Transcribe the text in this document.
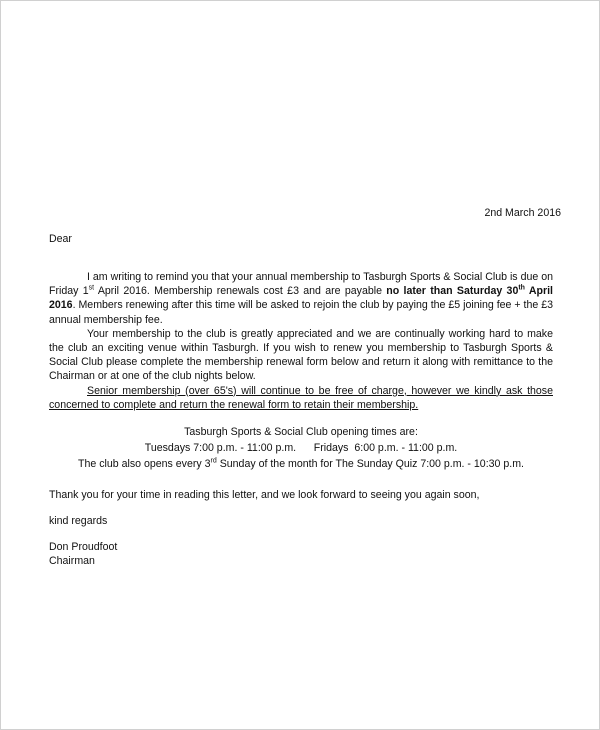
2nd March 2016
Dear

I am writing to remind you that your annual membership to Tasburgh Sports & Social Club is due on Friday 1st April 2016. Membership renewals cost £3 and are payable no later than Saturday 30th April 2016. Members renewing after this time will be asked to rejoin the club by paying the £5 joining fee + the £3 annual membership fee.

Your membership to the club is greatly appreciated and we are continually working hard to make the club an exciting venue within Tasburgh. If you wish to renew you membership to Tasburgh Sports & Social Club please complete the membership renewal form below and return it along with remittance to the Chairman or at one of the club nights below.

Senior membership (over 65's) will continue to be free of charge, however we kindly ask those concerned to complete and return the renewal form to retain their membership.

Tasburgh Sports & Social Club opening times are:
Tuesdays 7:00 p.m. - 11:00 p.m.      Fridays  6:00 p.m. - 11:00 p.m.
The club also opens every 3rd Sunday of the month for The Sunday Quiz 7:00 p.m. - 10:30 p.m.
Thank you for your time in reading this letter, and we look forward to seeing you again soon,
kind regards
Don Proudfoot
Chairman
